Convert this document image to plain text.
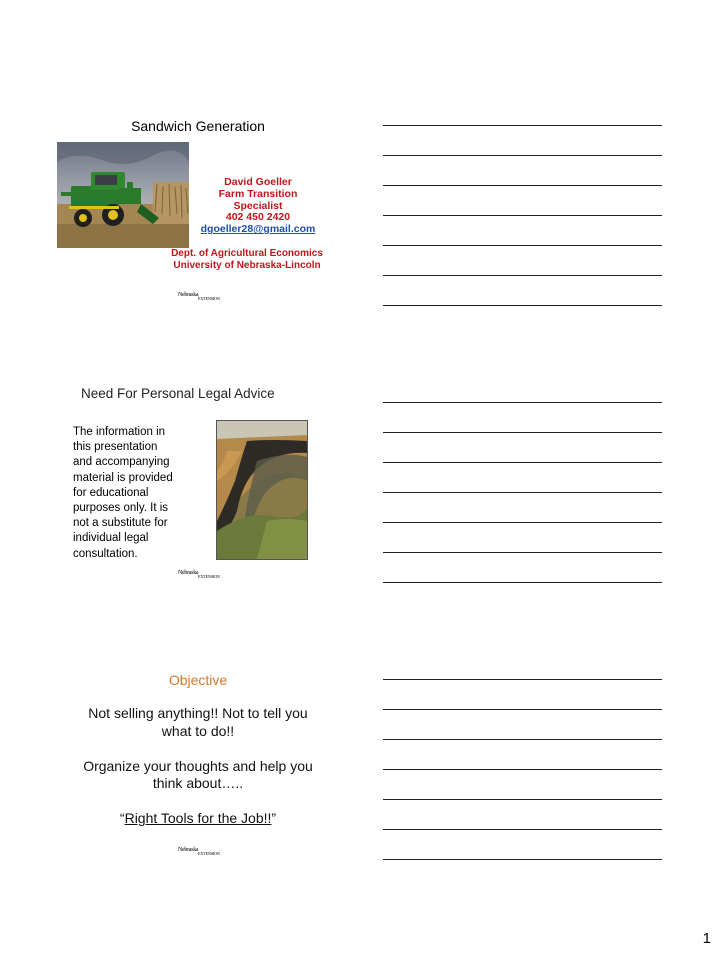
Sandwich Generation
David Goeller
Farm Transition
Specialist
402 450 2420
dgoeller28@gmail.com
Dept. of Agricultural Economics
University of Nebraska-Lincoln
Nebraska
EXTENSION
Need For Personal Legal Advice
The information in
this presentation
and accompanying
material is provided
for educational
purposes only. It is
not a substitute for
individual legal
consultation.
Nebraska
EXTENSION
Objective

Not selling anything!! Not to tell you
what to do!!

Organize your thoughts and help you
think about…..

“Right Tools for the Job!!”

Nebraska
EXTENSION
1
